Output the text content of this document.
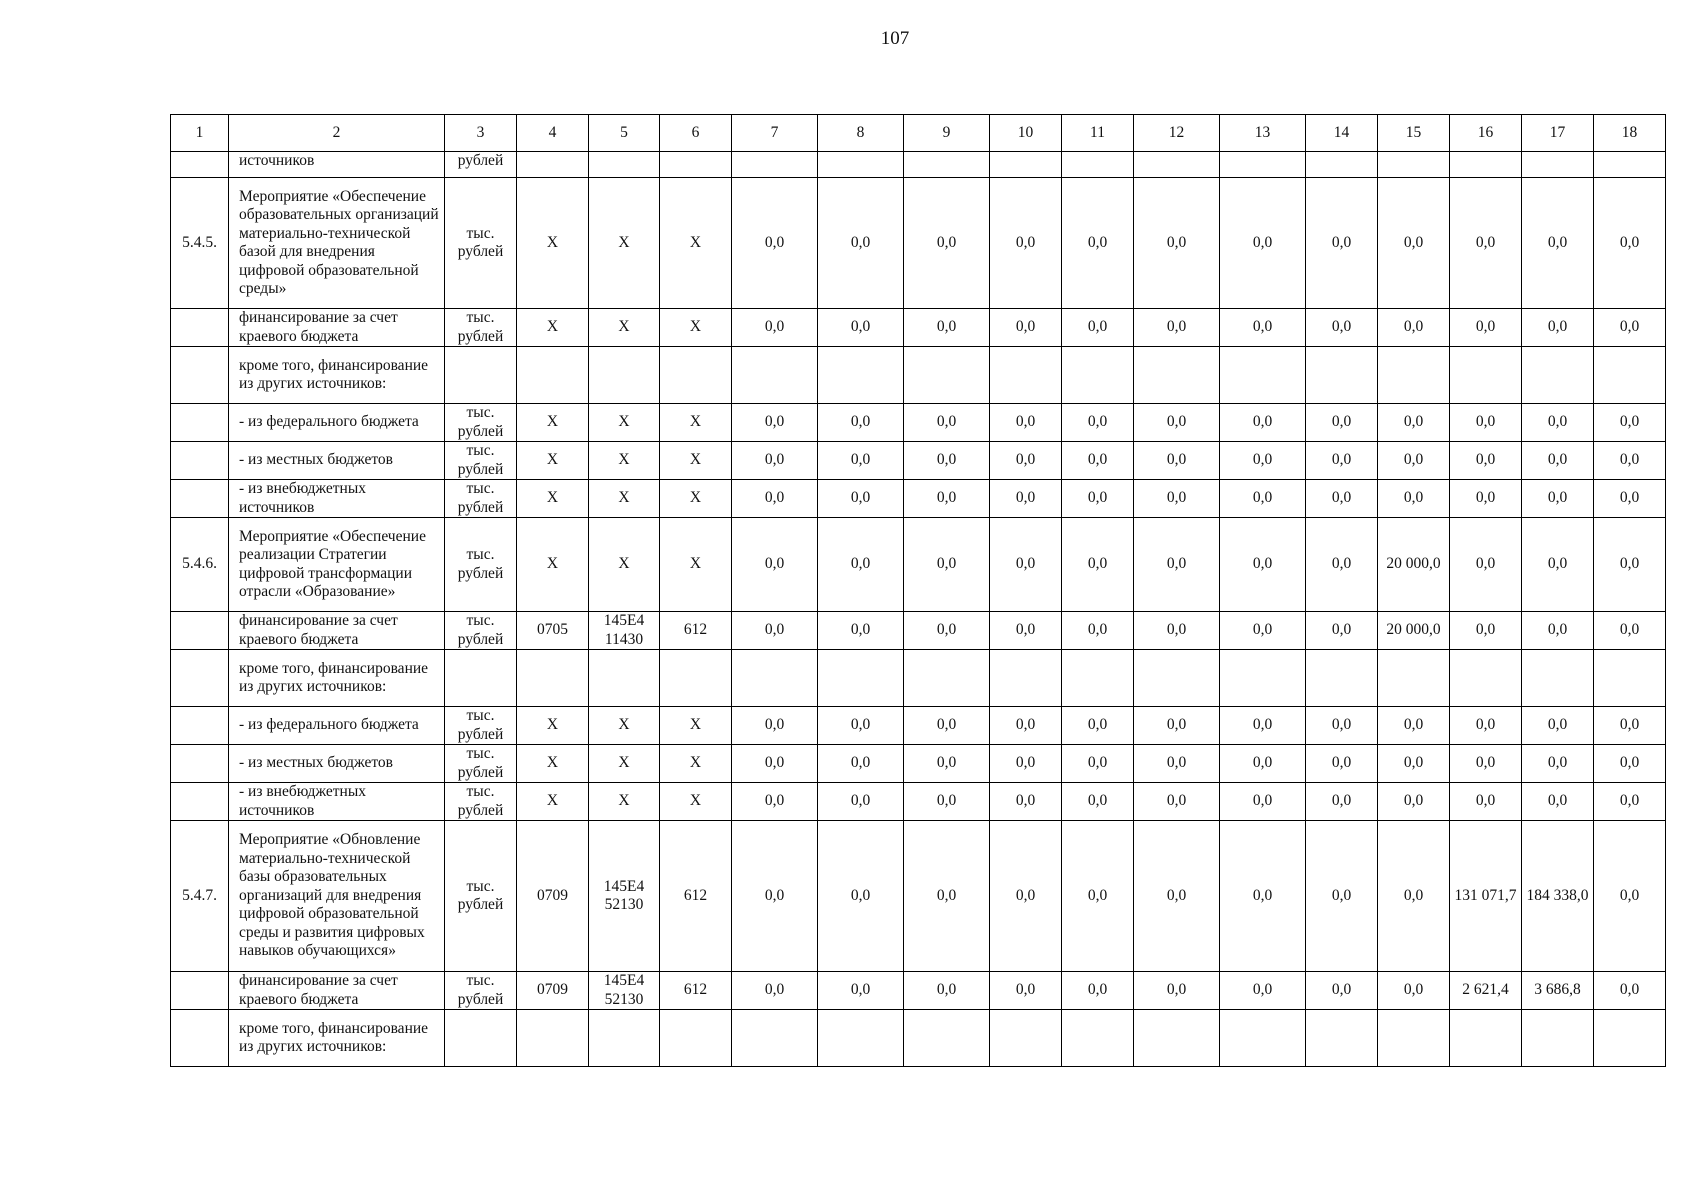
107
1	2	3	4	5	6	7	8	9	10	11	12	13	14	15	16	17	18
	источников	рублей															
5.4.5.	Мероприятие «Обеспечение образовательных организаций материально-технической базой для внедрения цифровой образовательной среды»	тыс. рублей	X	X	X	0,0	0,0	0,0	0,0	0,0	0,0	0,0	0,0	0,0	0,0	0,0	0,0
	финансирование за счет краевого бюджета	тыс. рублей	X	X	X	0,0	0,0	0,0	0,0	0,0	0,0	0,0	0,0	0,0	0,0	0,0	0,0
	кроме того, финансирование из других источников:																
	- из федерального бюджета	тыс. рублей	X	X	X	0,0	0,0	0,0	0,0	0,0	0,0	0,0	0,0	0,0	0,0	0,0	0,0
	- из местных бюджетов	тыс. рублей	X	X	X	0,0	0,0	0,0	0,0	0,0	0,0	0,0	0,0	0,0	0,0	0,0	0,0
	- из внебюджетных источников	тыс. рублей	X	X	X	0,0	0,0	0,0	0,0	0,0	0,0	0,0	0,0	0,0	0,0	0,0	0,0
5.4.6.	Мероприятие «Обеспечение реализации Стратегии цифровой трансформации отрасли «Образование»	тыс. рублей	X	X	X	0,0	0,0	0,0	0,0	0,0	0,0	0,0	0,0	20 000,0	0,0	0,0	0,0
	финансирование за счет краевого бюджета	тыс. рублей	0705	145Е4 11430	612	0,0	0,0	0,0	0,0	0,0	0,0	0,0	0,0	20 000,0	0,0	0,0	0,0
	кроме того, финансирование из других источников:																
	- из федерального бюджета	тыс. рублей	X	X	X	0,0	0,0	0,0	0,0	0,0	0,0	0,0	0,0	0,0	0,0	0,0	0,0
	- из местных бюджетов	тыс. рублей	X	X	X	0,0	0,0	0,0	0,0	0,0	0,0	0,0	0,0	0,0	0,0	0,0	0,0
	- из внебюджетных источников	тыс. рублей	X	X	X	0,0	0,0	0,0	0,0	0,0	0,0	0,0	0,0	0,0	0,0	0,0	0,0
5.4.7.	Мероприятие «Обновление материально-технической базы образовательных организаций для внедрения цифровой образовательной среды и развития цифровых навыков обучающихся»	тыс. рублей	0709	145Е4 52130	612	0,0	0,0	0,0	0,0	0,0	0,0	0,0	0,0	0,0	131 071,7	184 338,0	0,0
	финансирование за счет краевого бюджета	тыс. рублей	0709	145Е4 52130	612	0,0	0,0	0,0	0,0	0,0	0,0	0,0	0,0	0,0	2 621,4	3 686,8	0,0
	кроме того, финансирование из других источников:																
